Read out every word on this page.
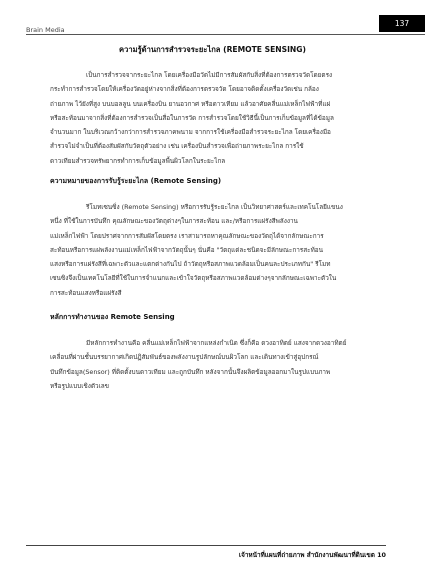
Brain Media
137
ความรู้ด้านการสำรวจระยะไกล (REMOTE SENSING)
เป็นการสำรวจจากระยะไกล โดยเครื่องมือวัดไม่มีการสัมผัสกับสิ่งที่ต้องการตรวจวัดโดยตรง
กระทำการสำรวจโดยให้เครื่องวัดอยู่ห่างจากสิ่งที่ต้องการตรวจวัด โดยอาจติดตั้งเครื่องวัดเช่น กล้อง
ถ่ายภาพ ไว้ยังที่สูง บนบอลลูน บนเครื่องบิน ยานอวกาศ หรือดาวเทียม แล้วอาศัยคลื่นแม่เหล็กไฟฟ้าที่แผ่
หรือสะท้อนมาจากสิ่งที่ต้องการสำรวจเป็นสื่อในการวัด การสำรวจโดยใช้วิธีนี้เป็นการเก็บข้อมูลที่ได้ข้อมูล
จำนวนมาก ในบริเวณกว้างกว่าการสำรวจภาคพนาม จากการใช้เครื่องมือสำรวจระยะไกล โดยเครื่องมือ
สำรวจไม่จำเป็นที่ต้องสัมผัสกับวัตถุตัวอย่าง เช่น เครื่องบินสำรวจเพื่อถ่ายภาพระยะไกล การใช้
ดาวเทียมสำรวจทรัพยากรทำการเก็บข้อมูลพื้นผิวโลกในระยะไกล
ความหมายของการรับรู้ระยะไกล (Remote Sensing)
รีโมทเซนซิ่ง (Remote Sensing) หรือการรับรู้ระยะไกล เป็นวิทยาศาสตร์และเทคโนโลยีแขนง
หนึ่ง ที่ใช้ในการบันทึก คุณลักษณะของวัตถุต่างๆในการสะท้อน และ/หรือการแผ่รังสีพลังงาน
แม่เหล็กไฟฟ้า โดยปราศจากการสัมผัสโดยตรง เราสามารถหาคุณลักษณะของวัตถุได้จากลักษณะการ
สะท้อนหรือการแผ่พลังงานแม่เหล็กไฟฟ้าจากวัตถุนั้นๆ นั่นคือ "วัตถุแต่ละชนิดจะมีลักษณะการสะท้อน
แสงหรือการแผ่รังสีที่เฉพาะตัวและแตกต่างกันไป ถ้าวัตถุหรือสภาพแวดล้อมเป็นคนละประเภทกัน" รีโมท
เซนซิงจึงเป็นเทคโนโลยีที่ใช้ในการจำแนกและเข้าใจวัตถุหรือสภาพแวดล้อมต่างๆจากลักษณะเฉพาะตัวใน
การสะท้อนแสงหรือแผ่รังสี
หลักการทำงานของ Remote Sensing
มีหลักการทำงานคือ คลื่นแม่เหล็กไฟฟ้าจากแหล่งกำเนิด ซึ่งก็คือ ดวงอาทิตย์ แสงจากดวงอาทิตย์
เคลื่อนที่ผ่านชั้นบรรยากาศเกิดปฏิสัมพันธ์ของพลังงานรูปลักษณ์บนผิวโลก และเดินทางเข้าสู่อุปกรณ์
บันทึกข้อมูล(Sensor) ที่ติดตั้งบนดาวเทียม และถูกบันทึก หลังจากนั้นจึงผลิตข้อมูลออกมาในรูปแบบภาพ
หรือรูปแบบเชิงตัวเลข
เจ้าหน้าที่แผนที่ถ่ายภาพ สำนักงานพัฒนาที่ดินเขต 10
